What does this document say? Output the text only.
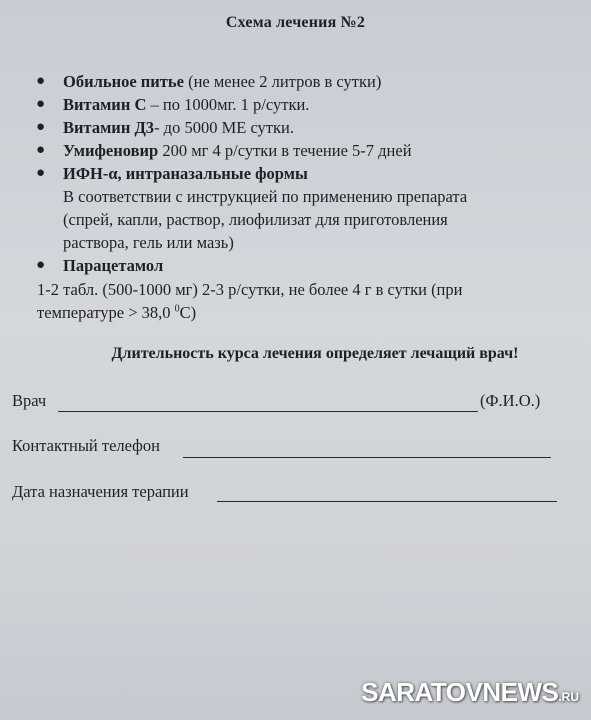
Схема лечения №2
● Обильное питье (не менее 2 литров в сутки)
● Витамин С – по 1000мг. 1 р/сутки.
● Витамин Д3- до 5000 МЕ сутки.
● Умифеновир 200 мг 4 р/сутки в течение 5-7 дней
● ИФН-α, интраназальные формы
В соответствии с инструкцией по применению препарата
(спрей, капли, раствор, лиофилизат для приготовления
раствора, гель или мазь)
● Парацетамол
1-2 табл. (500-1000 мг) 2-3 р/сутки, не более 4 г в сутки (при
температуре > 38,0 $^0$С)
Длительность курса лечения определяет лечащий врач!
Врач	(Ф.И.О.)
Контактный телефон
Дата назначения терапии
SARATOVNEWS.RU
